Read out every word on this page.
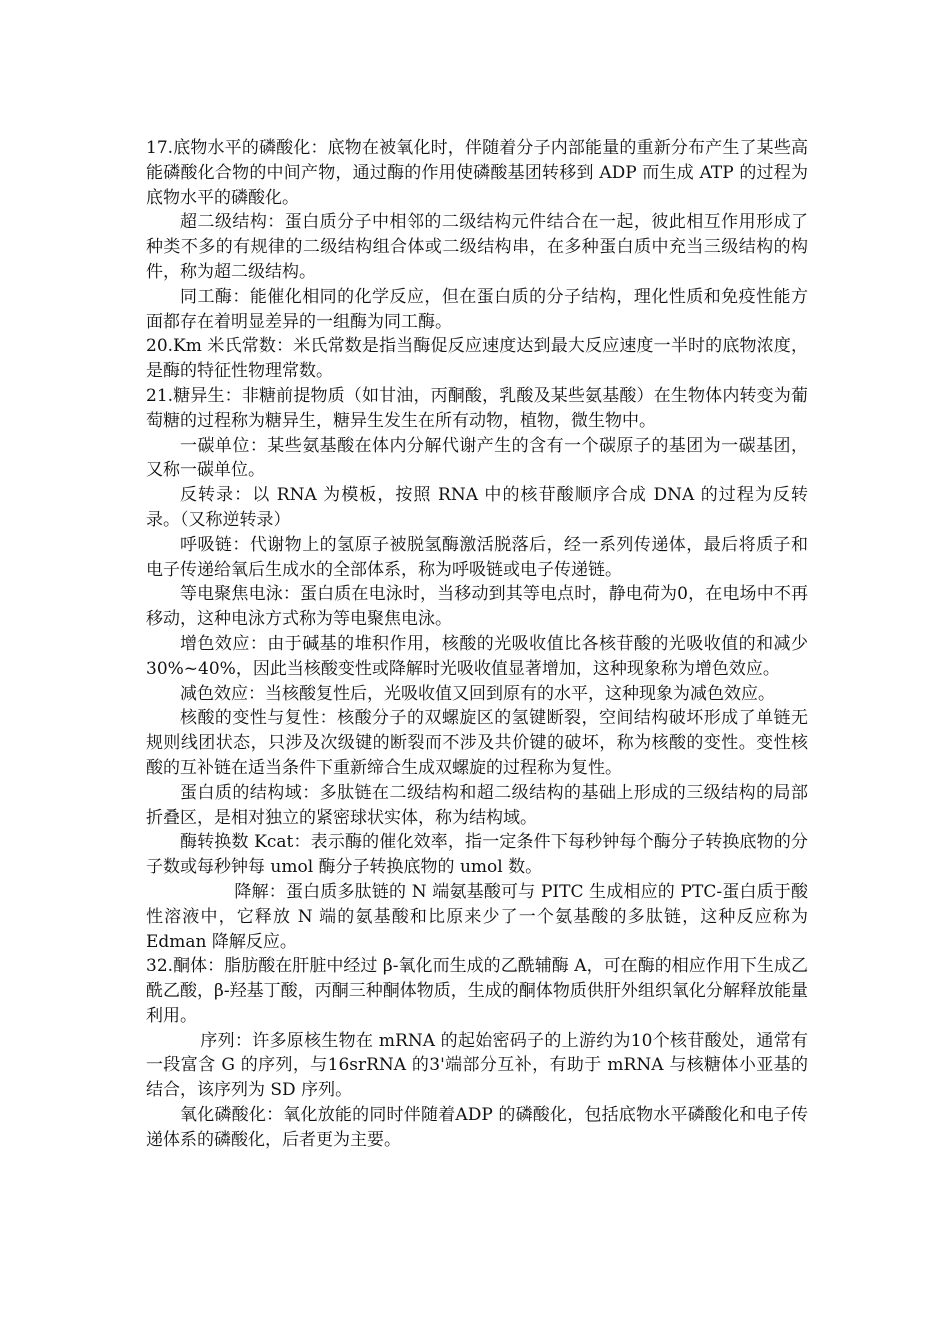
17.底物水平的磷酸化：底物在被氧化时，伴随着分子内部能量的重新分布产生了某些高能磷酸化合物的中间产物，通过酶的作用使磷酸基团转移到 ADP 而生成 ATP 的过程为底物水平的磷酸化。

超二级结构：蛋白质分子中相邻的二级结构元件结合在一起，彼此相互作用形成了种类不多的有规律的二级结构组合体或二级结构串，在多种蛋白质中充当三级结构的构件，称为超二级结构。

同工酶：能催化相同的化学反应，但在蛋白质的分子结构，理化性质和免疫性能方面都存在着明显差异的一组酶为同工酶。

20.Km 米氏常数：米氏常数是指当酶促反应速度达到最大反应速度一半时的底物浓度，是酶的特征性物理常数。

21.糖异生：非糖前提物质（如甘油，丙酮酸，乳酸及某些氨基酸）在生物体内转变为葡萄糖的过程称为糖异生，糖异生发生在所有动物，植物，微生物中。

一碳单位：某些氨基酸在体内分解代谢产生的含有一个碳原子的基团为一碳基团，又称一碳单位。

反转录：以 RNA 为模板，按照 RNA 中的核苷酸顺序合成 DNA 的过程为反转录。（又称逆转录）

呼吸链：代谢物上的氢原子被脱氢酶激活脱落后，经一系列传递体，最后将质子和电子传递给氧后生成水的全部体系，称为呼吸链或电子传递链。

等电聚焦电泳：蛋白质在电泳时，当移动到其等电点时，静电荷为0，在电场中不再移动，这种电泳方式称为等电聚焦电泳。

增色效应：由于碱基的堆积作用，核酸的光吸收值比各核苷酸的光吸收值的和减少30%~40%，因此当核酸变性或降解时光吸收值显著增加，这种现象称为增色效应。

减色效应：当核酸复性后，光吸收值又回到原有的水平，这种现象为减色效应。

核酸的变性与复性：核酸分子的双螺旋区的氢键断裂，空间结构破坏形成了单链无规则线团状态，只涉及次级键的断裂而不涉及共价键的破坏，称为核酸的变性。变性核酸的互补链在适当条件下重新缔合生成双螺旋的过程称为复性。

蛋白质的结构域：多肽链在二级结构和超二级结构的基础上形成的三级结构的局部折叠区，是相对独立的紧密球状实体，称为结构域。

酶转换数 Kcat：表示酶的催化效率，指一定条件下每秒钟每个酶分子转换底物的分子数或每秒钟每 umol 酶分子转换底物的 umol 数。

降解：蛋白质多肽链的 N 端氨基酸可与 PITC 生成相应的 PTC-蛋白质于酸性溶液中，它释放 N 端的氨基酸和比原来少了一个氨基酸的多肽链，这种反应称为 Edman 降解反应。

32.酮体：脂肪酸在肝脏中经过 β-氧化而生成的乙酰辅酶 A，可在酶的相应作用下生成乙酰乙酸，β-羟基丁酸，丙酮三种酮体物质，生成的酮体物质供肝外组织氧化分解释放能量利用。

序列：许多原核生物在 mRNA 的起始密码子的上游约为10个核苷酸处，通常有一段富含 G 的序列，与16srRNA 的3'端部分互补，有助于 mRNA 与核糖体小亚基的结合，该序列为 SD 序列。

氧化磷酸化：氧化放能的同时伴随着ADP 的磷酸化，包括底物水平磷酸化和电子传递体系的磷酸化，后者更为主要。
